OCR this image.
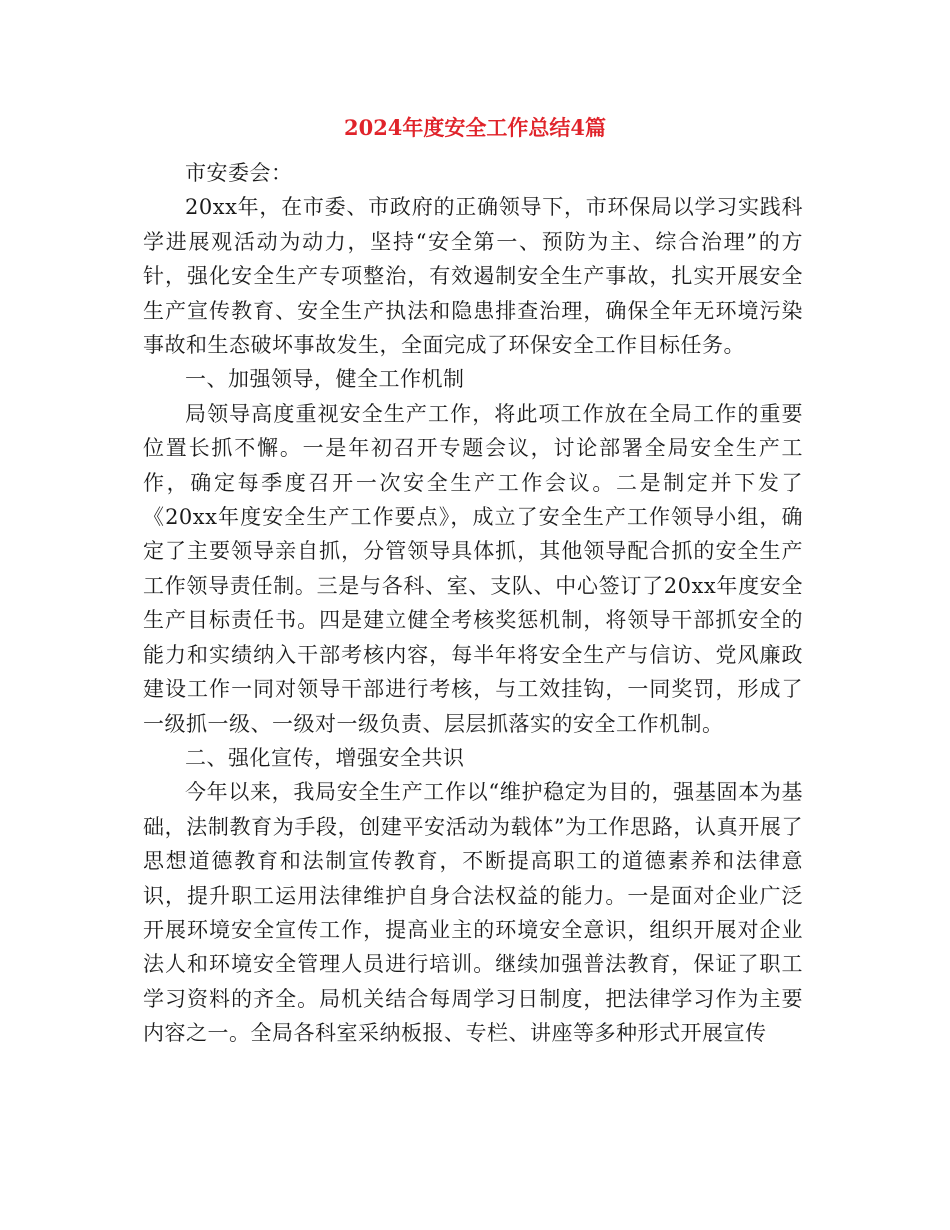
2024年度安全工作总结4篇

市安委会：

20xx年，在市委、市政府的正确领导下，市环保局以学习实践科学进展观活动为动力，坚持“安全第一、预防为主、综合治理”的方针，强化安全生产专项整治，有效遏制安全生产事故，扎实开展安全生产宣传教育、安全生产执法和隐患排查治理，确保全年无环境污染事故和生态破坏事故发生，全面完成了环保安全工作目标任务。

一、加强领导，健全工作机制

局领导高度重视安全生产工作，将此项工作放在全局工作的重要位置长抓不懈。一是年初召开专题会议，讨论部署全局安全生产工作，确定每季度召开一次安全生产工作会议。二是制定并下发了《20xx年度安全生产工作要点》，成立了安全生产工作领导小组，确定了主要领导亲自抓，分管领导具体抓，其他领导配合抓的安全生产工作领导责任制。三是与各科、室、支队、中心签订了20xx年度安全生产目标责任书。四是建立健全考核奖惩机制，将领导干部抓安全的能力和实绩纳入干部考核内容，每半年将安全生产与信访、党风廉政建设工作一同对领导干部进行考核，与工效挂钩，一同奖罚，形成了一级抓一级、一级对一级负责、层层抓落实的安全工作机制。

二、强化宣传，增强安全共识

今年以来，我局安全生产工作以“维护稳定为目的，强基固本为基础，法制教育为手段，创建平安活动为载体”为工作思路，认真开展了思想道德教育和法制宣传教育，不断提高职工的道德素养和法律意识，提升职工运用法律维护自身合法权益的能力。一是面对企业广泛开展环境安全宣传工作，提高业主的环境安全意识，组织开展对企业法人和环境安全管理人员进行培训。继续加强普法教育，保证了职工学习资料的齐全。局机关结合每周学习日制度，把法律学习作为主要内容之一。全局各科室采纳板报、专栏、讲座等多种形式开展宣传
